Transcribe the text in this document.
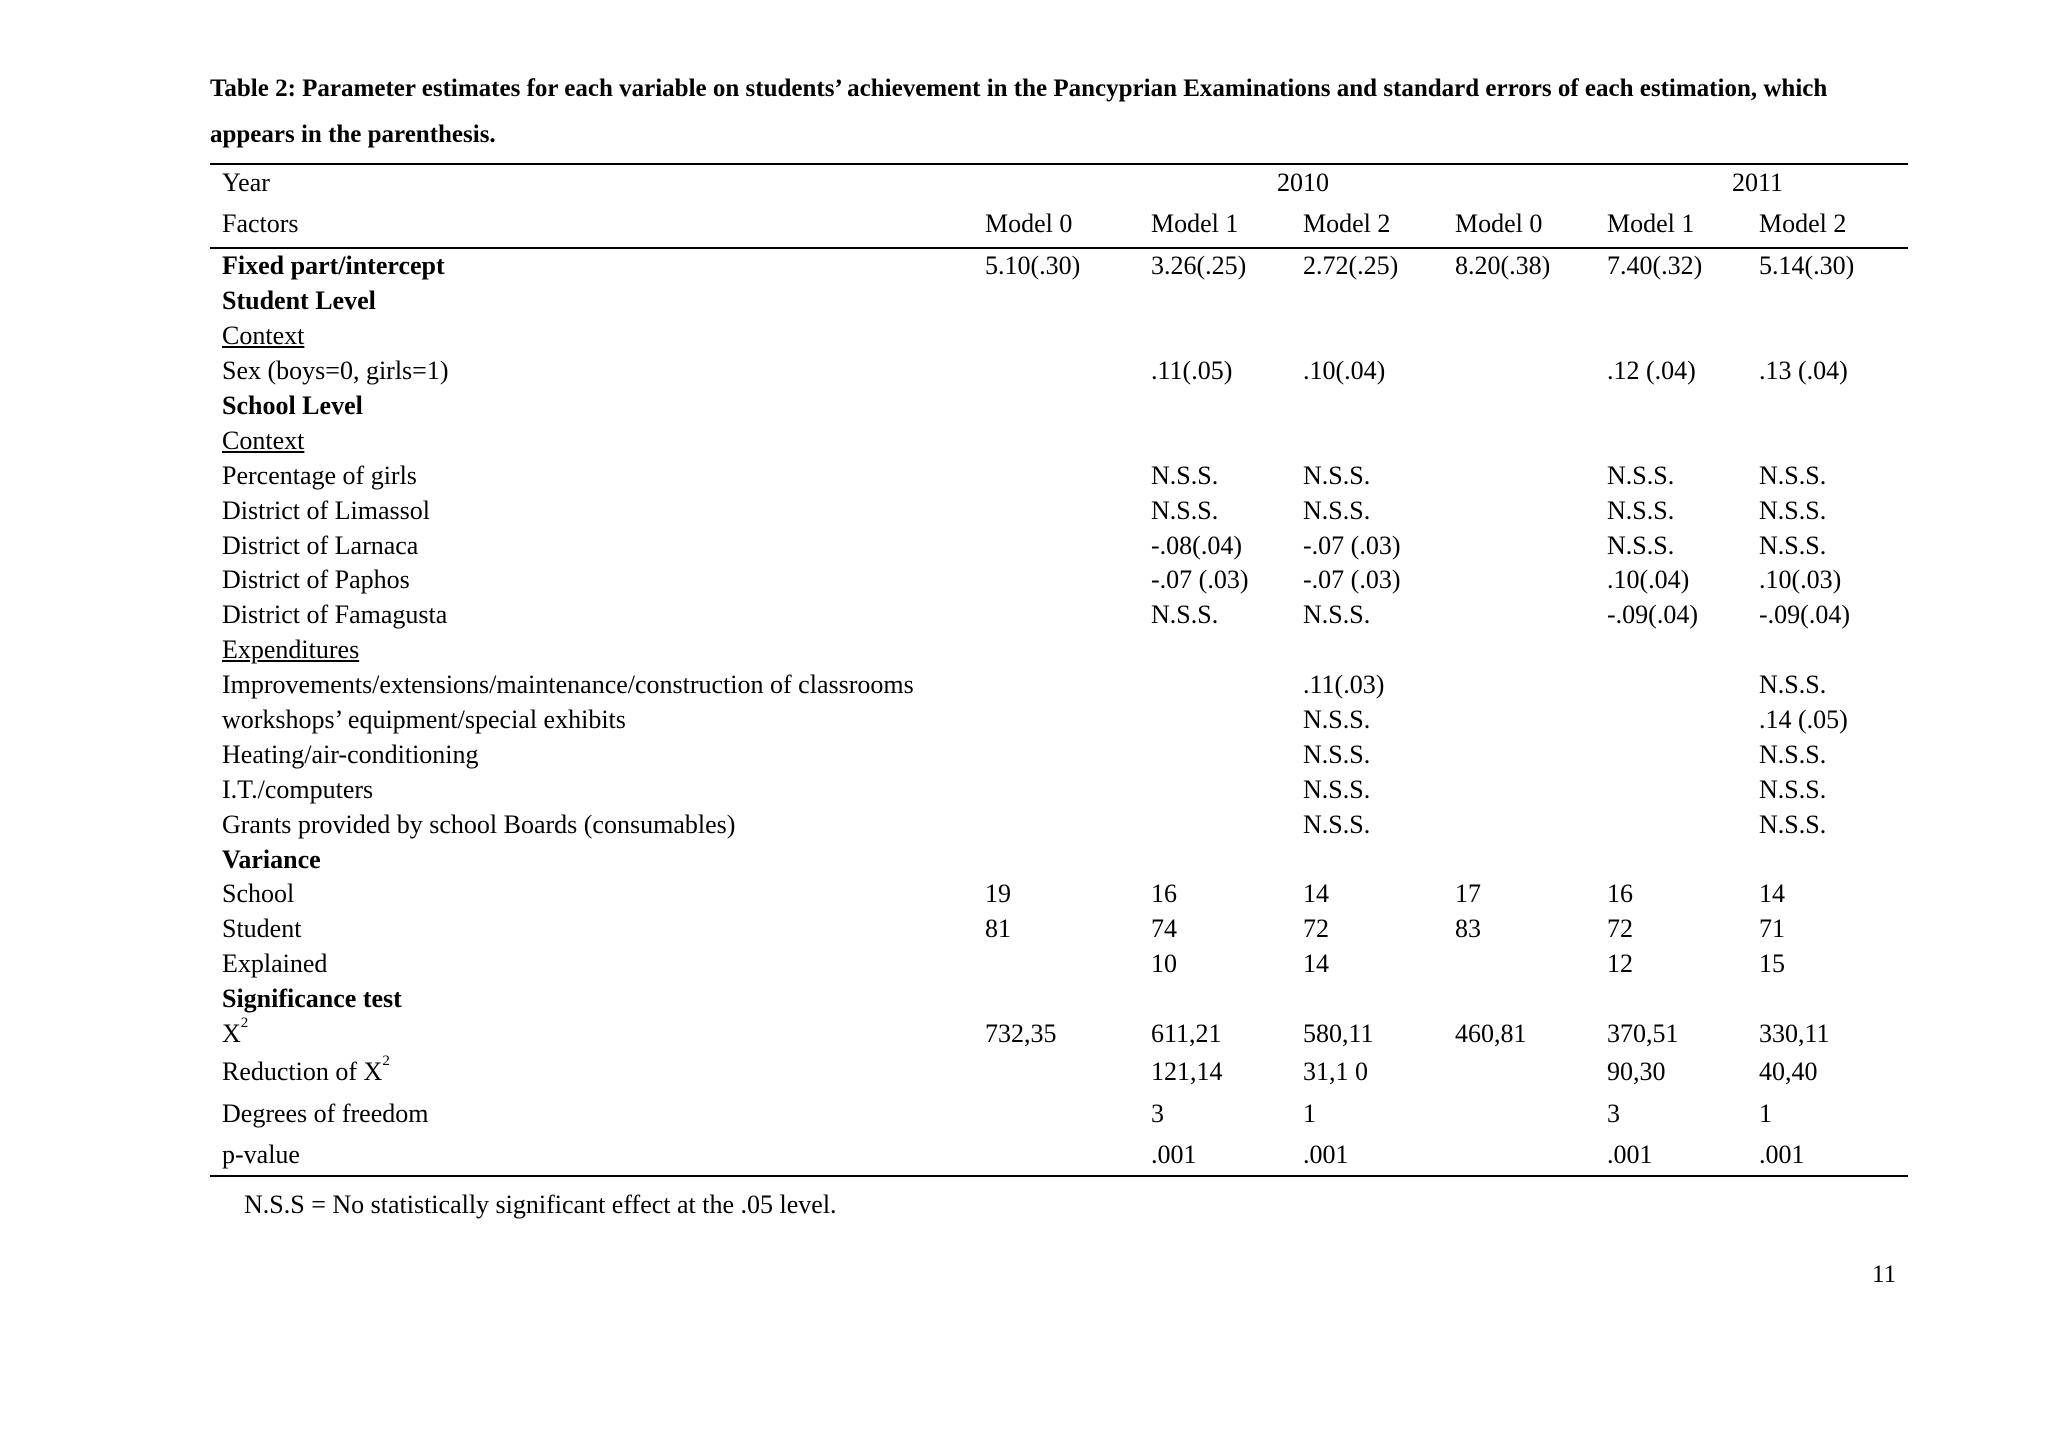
Table 2: Parameter estimates for each variable on students’ achievement in the Pancyprian Examinations and standard errors of each estimation, which appears in the parenthesis.
Year		2010			2011	
Factors	Model 0	Model 1	Model 2	Model 0	Model 1	Model 2
Fixed part/intercept	5.10(.30)	3.26(.25)	2.72(.25)	8.20(.38)	7.40(.32)	5.14(.30)
Student Level						
Context						
Sex (boys=0, girls=1)		.11(.05)	.10(.04)		.12 (.04)	.13 (.04)
School Level						
Context						
Percentage of girls		N.S.S.	N.S.S.		N.S.S.	N.S.S.
District of Limassol		N.S.S.	N.S.S.		N.S.S.	N.S.S.
District of Larnaca		-.08(.04)	-.07 (.03)		N.S.S.	N.S.S.
District of Paphos		-.07 (.03)	-.07 (.03)		.10(.04)	.10(.03)
District of Famagusta		N.S.S.	N.S.S.		-.09(.04)	-.09(.04)
Expenditures						
Improvements/extensions/maintenance/construction of classrooms			.11(.03)			N.S.S.
workshops’ equipment/special exhibits			N.S.S.			.14 (.05)
Heating/air-conditioning			N.S.S.			N.S.S.
I.T./computers			N.S.S.			N.S.S.
Grants provided by school Boards (consumables)			N.S.S.			N.S.S.
Variance						
School	19	16	14	17	16	14
Student	81	74	72	83	72	71
Explained		10	14		12	15
Significance test						
$X^2$	732,35	611,21	580,11	460,81	370,51	330,11
Reduction of $X^2$		121,14	31,1 0		90,30	40,40
Degrees of freedom		3	1		3	1
p-value		.001	.001		.001	.001
N.S.S = No statistically significant effect at the .05 level.
11
